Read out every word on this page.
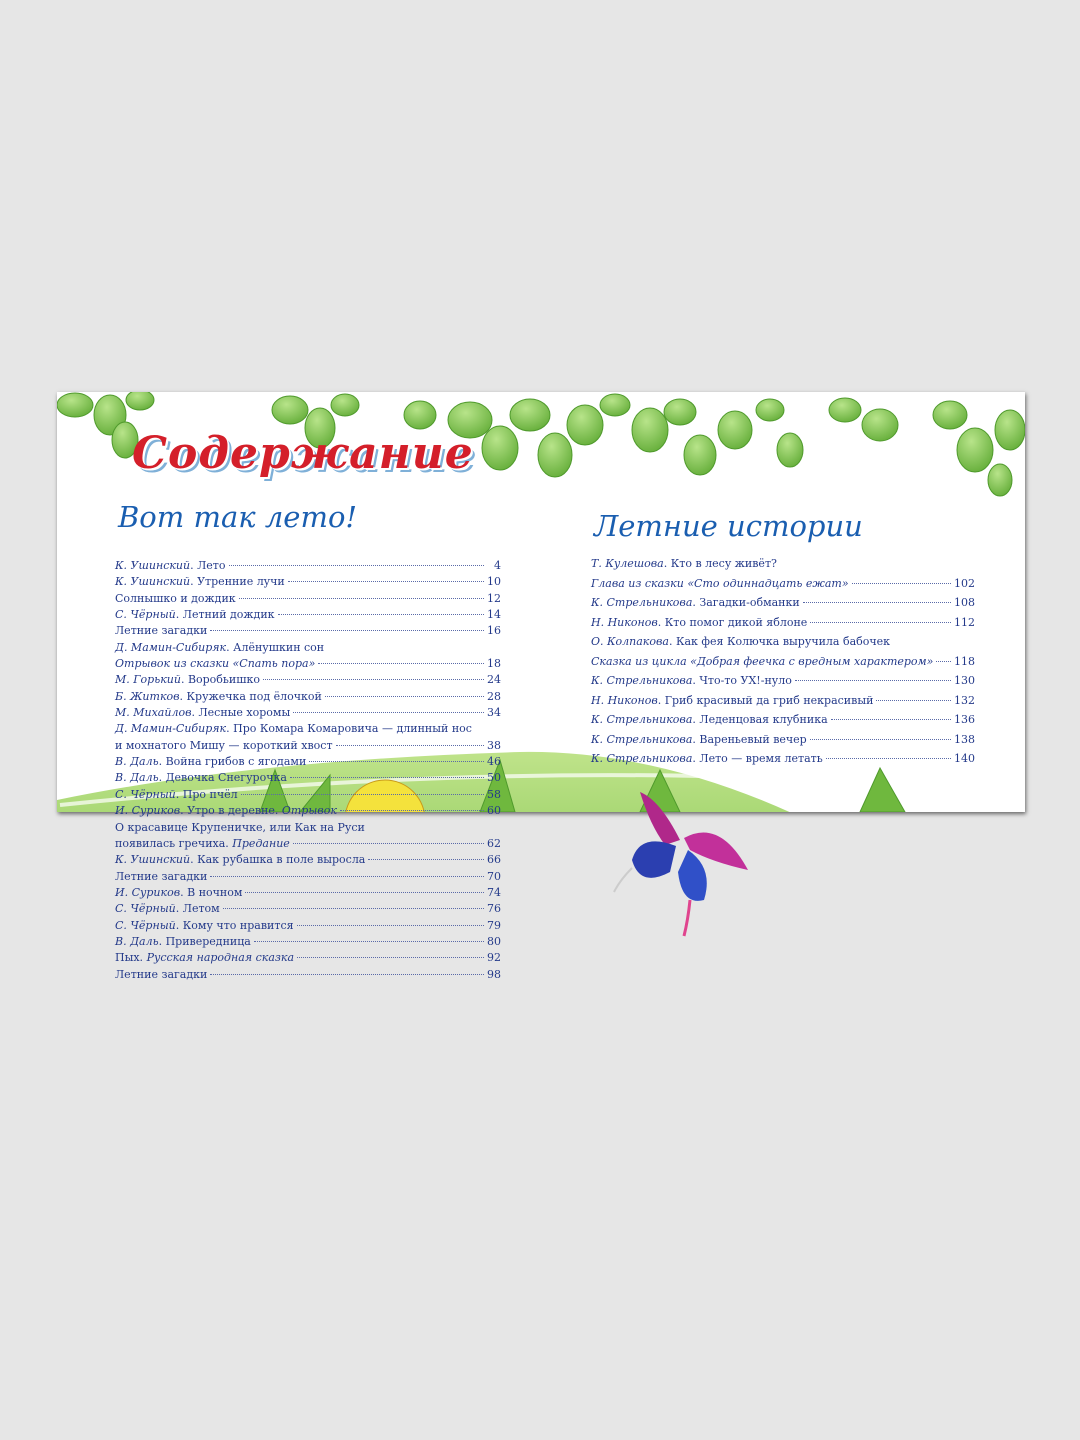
Содержание
Вот так лето!	Летние истории
К. Ушинский . Лето	4
К. Ушинский . Утренние лучи	10
Солнышко и дождик	12
С. Чёрный . Летний дождик	14
Летние загадки	16
Д. Мамин-Сибиряк . Алёнушкин сон
Отрывок из сказки «Спать пора»	18
М. Горький . Воробьишко	24
Б. Житков . Кружечка под ёлочкой	28
М. Михайлов . Лесные хоромы	34
Д. Мамин-Сибиряк . Про Комара Комаровича — длинный нос
и мохнатого Мишу — короткий хвост	38
В. Даль . Война грибов с ягодами	46
В. Даль . Девочка Снегурочка	50
С. Чёрный . Про пчёл	58
И. Суриков . Утро в деревне.
Отрывок	60
О красавице Крупеничке, или Как на Руси
появилась гречиха.
Предание	62
К. Ушинский . Как рубашка в поле выросла	66
Летние загадки	70
И. Суриков . В ночном	74
С. Чёрный . Летом	76
С. Чёрный . Кому что нравится	79
В. Даль . Привередница	80
Пых.
Русская народная сказка	92
Летние загадки	98
Т. Кулешова . Кто в лесу живёт?
Глава из сказки «Сто одиннадцать ежат»	102
К. Стрельникова . Загадки-обманки	108
Н. Никонов . Кто помог дикой яблоне	112
О. Колпакова . Как фея Колючка выручила бабочек
Сказка из цикла «Добрая феечка с вредным характером» 118
К. Стрельникова . Что-то УХ!-нуло	130
Н. Никонов . Гриб красивый да гриб некрасивый	132
К. Стрельникова . Леденцовая клубника	136
К. Стрельникова . Вареньевый вечер	138
К. Стрельникова . Лето — время летать	140
